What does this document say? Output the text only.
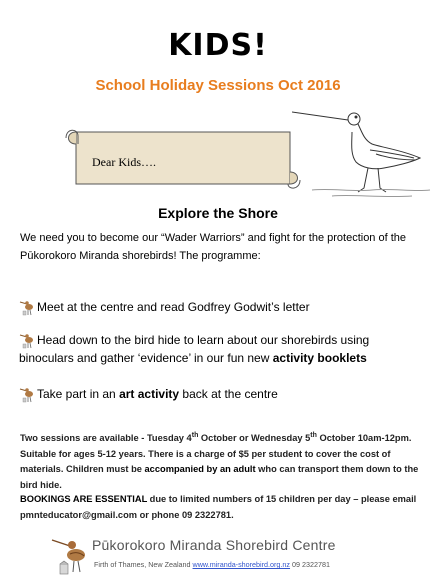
KIDS!
School Holiday Sessions Oct 2016
Dear Kids….
Explore the Shore
We need you to become our “Wader Warriors” and fight for the protection of the Pūkorokoro Miranda shorebirds! The programme:
Meet at the centre and read Godfrey Godwit’s letter
Head down to the bird hide to learn about our shorebirds using binoculars and gather ‘evidence’ in our fun new activity booklets
Take part in an art activity back at the centre
Two sessions are available - Tuesday 4th October or Wednesday 5th October 10am-12pm. Suitable for ages 5-12 years. There is a charge of $5 per student to cover the cost of materials. Children must be accompanied by an adult who can transport them down to the bird hide.
BOOKINGS ARE ESSENTIAL due to limited numbers of 15 children per day – please email pmnteducator@gmail.com or phone 09 2322781.
Pūkorokoro Miranda Shorebird Centre
Firth of Thames, New Zealand www.miranda-shorebird.org.nz 09 2322781
